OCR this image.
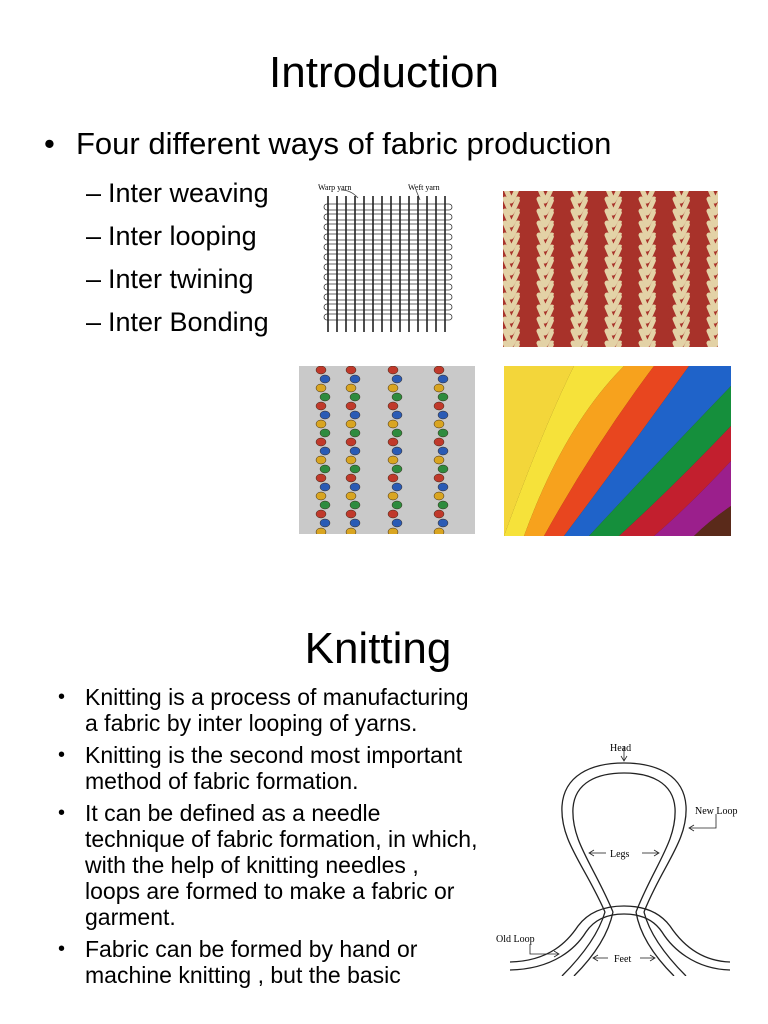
Introduction
• Four different ways of fabric production
– Inter weaving
– Inter looping
– Inter twining
– Inter Bonding
Warp yarn	Weft yarn
Knitting
• Knitting is a process of manufacturing a fabric by inter looping of yarns.
• Knitting is the second most important method of fabric formation.
• It can be defined as a needle technique of fabric formation, in which, with the help of knitting needles , loops are formed to make a fabric or garment.
• Fabric can be formed by hand or machine knitting , but the basic
Head
New Loop
Legs
Old Loop
Feet
